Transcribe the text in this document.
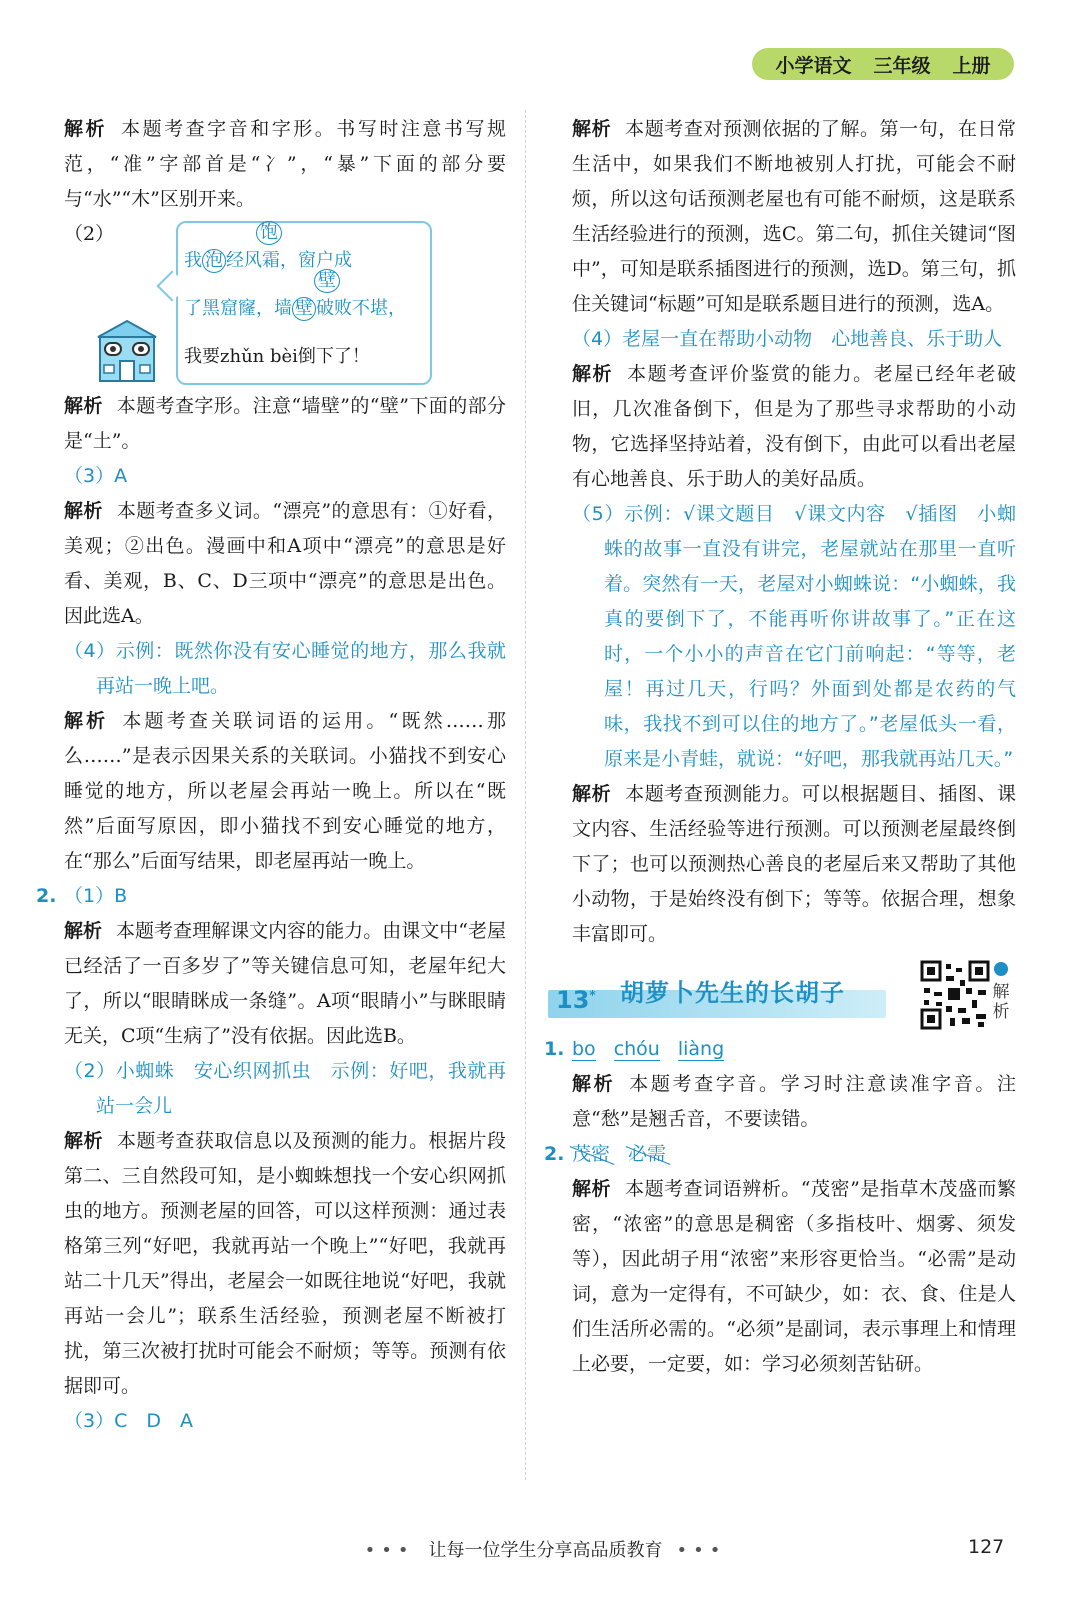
小学语文 三年级 上册

解析 本题考查字音和字形。书写时注意书写规范，“准”字部首是“冫”，“暴”下面的部分要与“水”“木”区别开来。

（2）	饱
我 泡 经风霜，窗户成
壁
了黑窟窿，墙 壁 破败不堪，
我要zhǔn bèi倒下了！

解析 本题考查字形。注意“墙壁”的“壁”下面的部分是“土”。

（3）A

解析 本题考查多义词。“漂亮”的意思有：①好看，美观；②出色。漫画中和A项中“漂亮”的意思是好看、美观，B、C、D三项中“漂亮”的意思是出色。因此选A。

（4）示例：既然你没有安心睡觉的地方，那么我就再站一晚上吧。

解析 本题考查关联词语的运用。“既然……那么……”是表示因果关系的关联词。小猫找不到安心睡觉的地方，所以老屋会再站一晚上。所以在“既然”后面写原因，即小猫找不到安心睡觉的地方，在“那么”后面写结果，即老屋再站一晚上。

2. （1）B

解析 本题考查理解课文内容的能力。由课文中“老屋已经活了一百多岁了”等关键信息可知，老屋年纪大了，所以“眼睛眯成一条缝”。A项“眼睛小”与眯眼睛无关，C项“生病了”没有依据。因此选B。

（2）小蜘蛛　安心织网抓虫　示例：好吧，我就再站一会儿

解析 本题考查获取信息以及预测的能力。根据片段第二、三自然段可知，是小蜘蛛想找一个安心织网抓虫的地方。预测老屋的回答，可以这样预测：通过表格第三列“好吧，我就再站一个晚上”“好吧，我就再站二十几天”得出，老屋会一如既往地说“好吧，我就再站一会儿”；联系生活经验，预测老屋不断被打扰，第三次被打扰时可能会不耐烦；等等。预测有依据即可。

（3）C　D　A

解析 本题考查对预测依据的了解。第一句，在日常生活中，如果我们不断地被别人打扰，可能会不耐烦，所以这句话预测老屋也有可能不耐烦，这是联系生活经验进行的预测，选C。第二句，抓住关键词“图中”，可知是联系插图进行的预测，选D。第三句，抓住关键词“标题”可知是联系题目进行的预测，选A。

（4）老屋一直在帮助小动物　心地善良、乐于助人

解析 本题考查评价鉴赏的能力。老屋已经年老破旧，几次准备倒下，但是为了那些寻求帮助的小动物，它选择坚持站着，没有倒下，由此可以看出老屋有心地善良、乐于助人的美好品质。

（5）示例：√课文题目　√课文内容　√插图　小蜘蛛的故事一直没有讲完，老屋就站在那里一直听着。突然有一天，老屋对小蜘蛛说：“小蜘蛛，我真的要倒下了，不能再听你讲故事了。”正在这时，一个小小的声音在它门前响起：“等等，老屋！再过几天，行吗？外面到处都是农药的气味，我找不到可以住的地方了。”老屋低头一看，原来是小青蛙，就说：“好吧，那我就再站几天。”

解析 本题考查预测能力。可以根据题目、插图、课文内容、生活经验等进行预测。可以预测老屋最终倒下了；也可以预测热心善良的老屋后来又帮助了其他小动物，于是始终没有倒下；等等。依据合理，想象丰富即可。

13* 胡萝卜先生的长胡子	解析

1. bo chóu liàng

解析 本题考查字音。学习时注意读准字音。注意“愁”是翘舌音，不要读错。

2. 茂密 必需

解析 本题考查词语辨析。“茂密”是指草木茂盛而繁密，“浓密”的意思是稠密（多指枝叶、烟雾、须发等），因此胡子用“浓密”来形容更恰当。“必需”是动词，意为一定得有，不可缺少，如：衣、食、住是人们生活所必需的。“必须”是副词，表示事理上和情理上必要，一定要，如：学习必须刻苦钻研。

••• 让每一位学生分享高品质教育 •••	127
